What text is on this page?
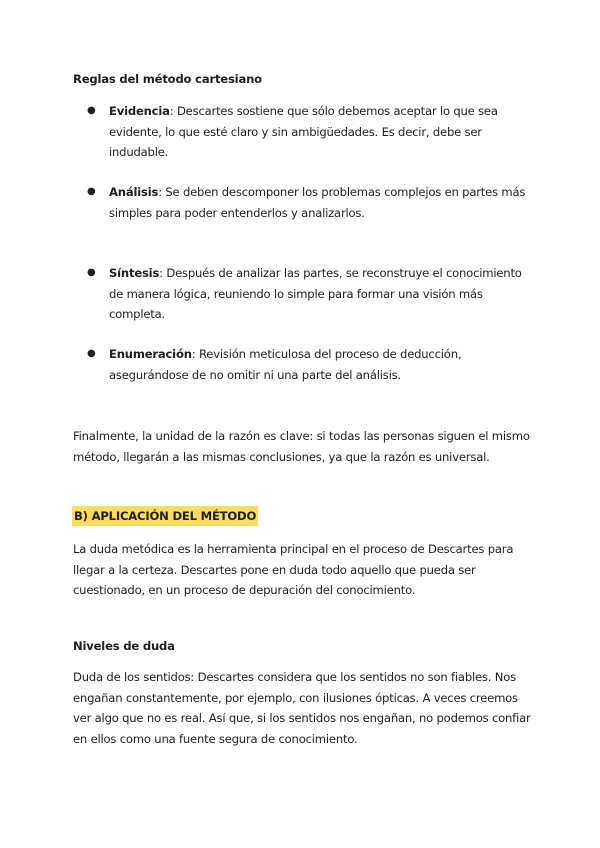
Reglas del método cartesiano
● Evidencia: Descartes sostiene que sólo debemos aceptar lo que sea evidente, lo que esté claro y sin ambigüedades. Es decir, debe ser indudable.
● Análisis: Se deben descomponer los problemas complejos en partes más simples para poder entenderlos y analizarlos.
● Síntesis: Después de analizar las partes, se reconstruye el conocimiento de manera lógica, reuniendo lo simple para formar una visión más completa.
● Enumeración: Revisión meticulosa del proceso de deducción, asegurándose de no omitir ni una parte del análisis.
Finalmente, la unidad de la razón es clave: si todas las personas siguen el mismo método, llegarán a las mismas conclusiones, ya que la razón es universal.
B) APLICACIÓN DEL MÉTODO
La duda metódica es la herramienta principal en el proceso de Descartes para llegar a la certeza. Descartes pone en duda todo aquello que pueda ser cuestionado, en un proceso de depuración del conocimiento.
Niveles de duda
Duda de los sentidos: Descartes considera que los sentidos no son fiables. Nos engañan constantemente, por ejemplo, con ilusiones ópticas. A veces creemos ver algo que no es real. Así que, si los sentidos nos engañan, no podemos confiar en ellos como una fuente segura de conocimiento.
